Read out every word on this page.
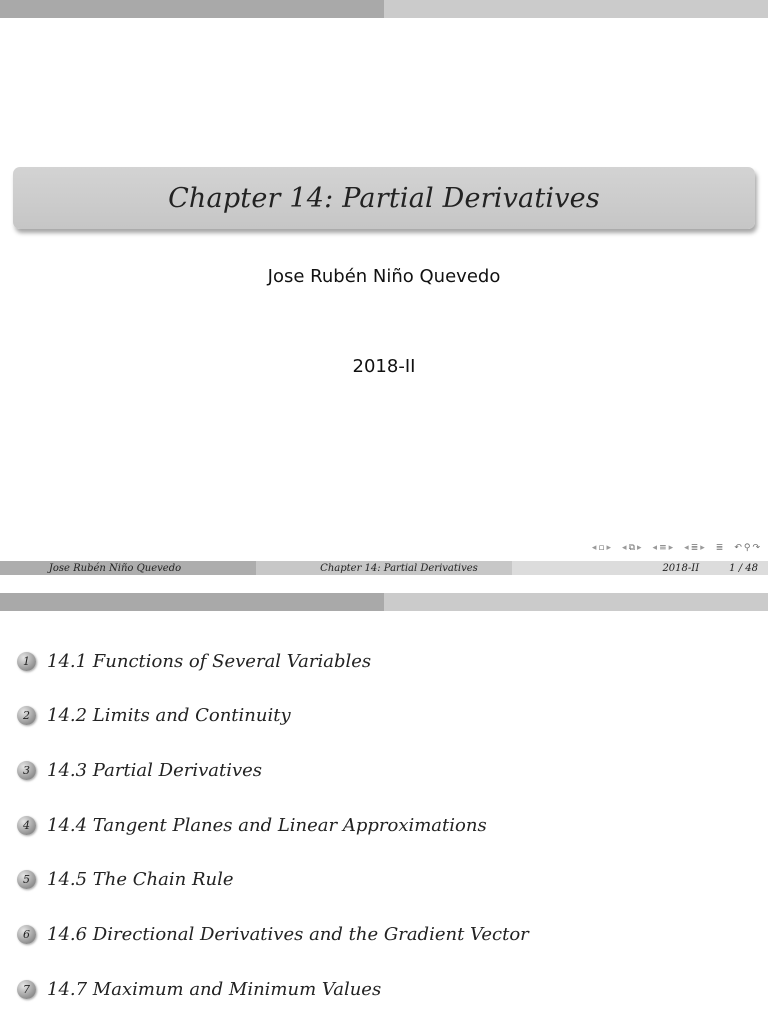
Chapter 14: Partial Derivatives
Jose Rubén Niño Quevedo
2018-II
◂ ▫ ▸ ◂ ⧉ ▸ ◂ ≡ ▸ ◂ ≣ ▸ ≣ ↶ ⚲ ↷
Jose Rubén Niño Quevedo	Chapter 14: Partial Derivatives	2018-II	1 / 48
1 14.1 Functions of Several Variables
2 14.2 Limits and Continuity
3 14.3 Partial Derivatives
4 14.4 Tangent Planes and Linear Approximations
5 14.5 The Chain Rule
6 14.6 Directional Derivatives and the Gradient Vector
7 14.7 Maximum and Minimum Values
